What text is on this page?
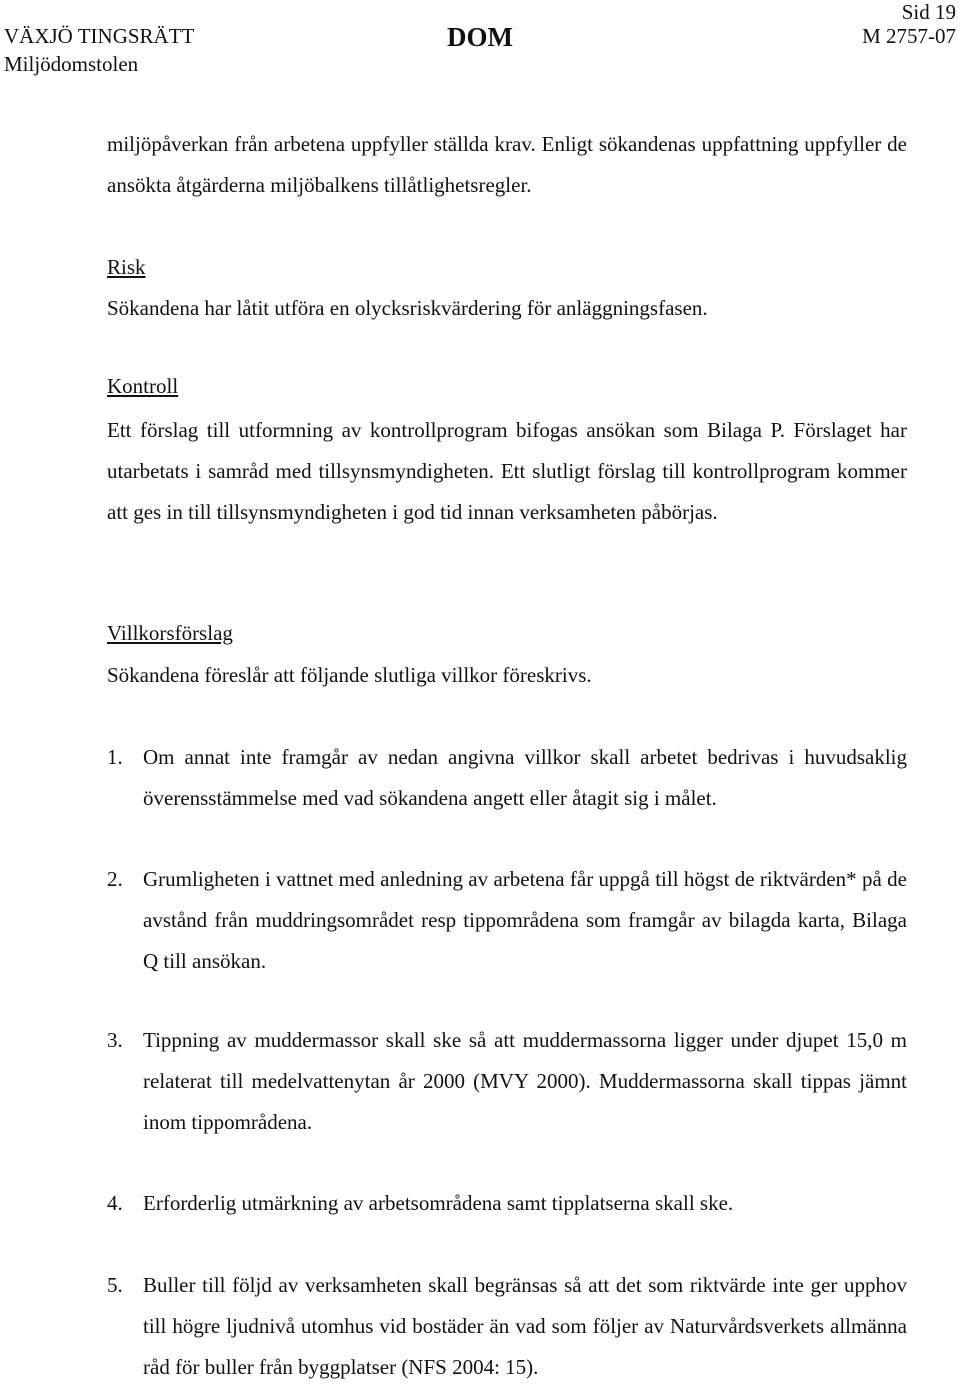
VÄXJÖ TINGSRÄTT
Miljödomstolen
DOM
Sid 19
M 2757-07
miljöpåverkan från arbetena uppfyller ställda krav. Enligt sökandenas uppfattning uppfyller de ansökta åtgärderna miljöbalkens tillåtlighetsregler.
Risk
Sökandena har låtit utföra en olycksriskvärdering för anläggningsfasen.
Kontroll
Ett förslag till utformning av kontrollprogram bifogas ansökan som Bilaga P. Förslaget har utarbetats i samråd med tillsynsmyndigheten. Ett slutligt förslag till kontrollprogram kommer att ges in till tillsynsmyndigheten i god tid innan verksamheten påbörjas.
Villkorsförslag
Sökandena föreslår att följande slutliga villkor föreskrivs.
1. Om annat inte framgår av nedan angivna villkor skall arbetet bedrivas i huvudsaklig överensstämmelse med vad sökandena angett eller åtagit sig i målet.
2. Grumligheten i vattnet med anledning av arbetena får uppgå till högst de riktvärden* på de avstånd från muddringsområdet resp tippområdena som framgår av bilagda karta, Bilaga Q till ansökan.
3. Tippning av muddermassor skall ske så att muddermassorna ligger under djupet 15,0 m relaterat till medelvattenytan år 2000 (MVY 2000). Muddermassorna skall tippas jämnt inom tippområdena.
4. Erforderlig utmärkning av arbetsområdena samt tipplatserna skall ske.
5. Buller till följd av verksamheten skall begränsas så att det som riktvärde inte ger upphov till högre ljudnivå utomhus vid bostäder än vad som följer av Naturvårdsverkets allmänna råd för buller från byggplatser (NFS 2004: 15).
